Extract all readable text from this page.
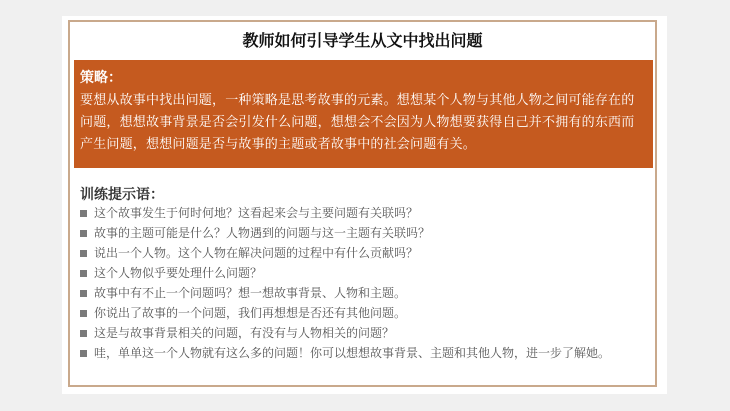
教师如何引导学生从文中找出问题
策略：
要想从故事中找出问题，一种策略是思考故事的元素。想想某个人物与其他人物之间可能存在的问题，想想故事背景是否会引发什么问题，想想会不会因为人物想要获得自己并不拥有的东西而产生问题，想想问题是否与故事的主题或者故事中的社会问题有关。
训练提示语：
这个故事发生于何时何地？这看起来会与主要问题有关联吗？
故事的主题可能是什么？人物遇到的问题与这一主题有关联吗？
说出一个人物。这个人物在解决问题的过程中有什么贡献吗？
这个人物似乎要处理什么问题？
故事中有不止一个问题吗？想一想故事背景、人物和主题。
你说出了故事的一个问题，我们再想想是否还有其他问题。
这是与故事背景相关的问题，有没有与人物相关的问题？
哇，单单这一个人物就有这么多的问题！你可以想想故事背景、主题和其他人物，进一步了解她。
